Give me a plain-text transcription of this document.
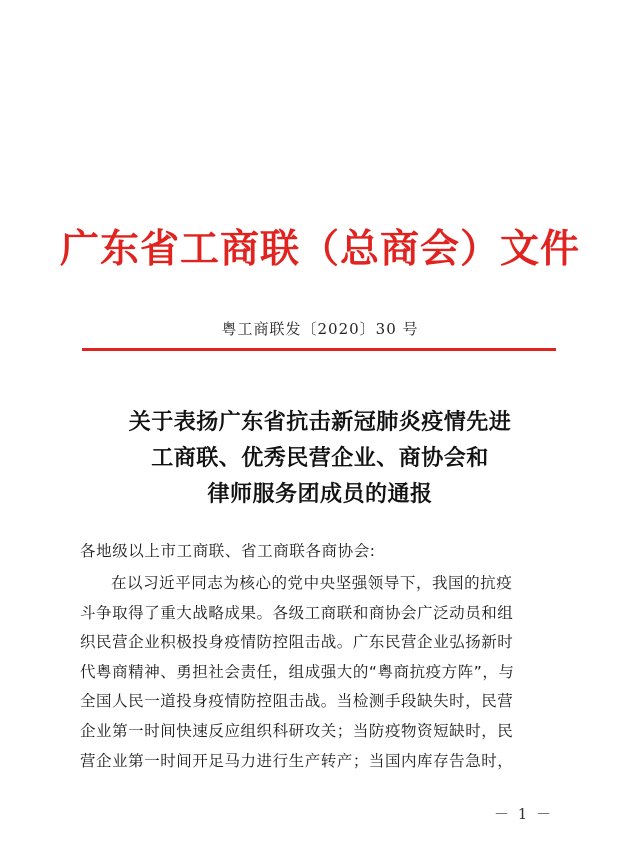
广东省工商联（总商会）文件
粤工商联发〔2020〕30 号
关于表扬广东省抗击新冠肺炎疫情先进
工商联、优秀民营企业、商协会和
律师服务团成员的通报
各地级以上市工商联、省工商联各商协会:
在以习近平同志为核心的党中央坚强领导下，我国的抗疫
斗争取得了重大战略成果。各级工商联和商协会广泛动员和组
织民营企业积极投身疫情防控阻击战。广东民营企业弘扬新时
代粤商精神、勇担社会责任，组成强大的“粤商抗疫方阵”，与
全国人民一道投身疫情防控阻击战。当检测手段缺失时，民营
企业第一时间快速反应组织科研攻关；当防疫物资短缺时，民
营企业第一时间开足马力进行生产转产；当国内库存告急时，
－ 1 －
